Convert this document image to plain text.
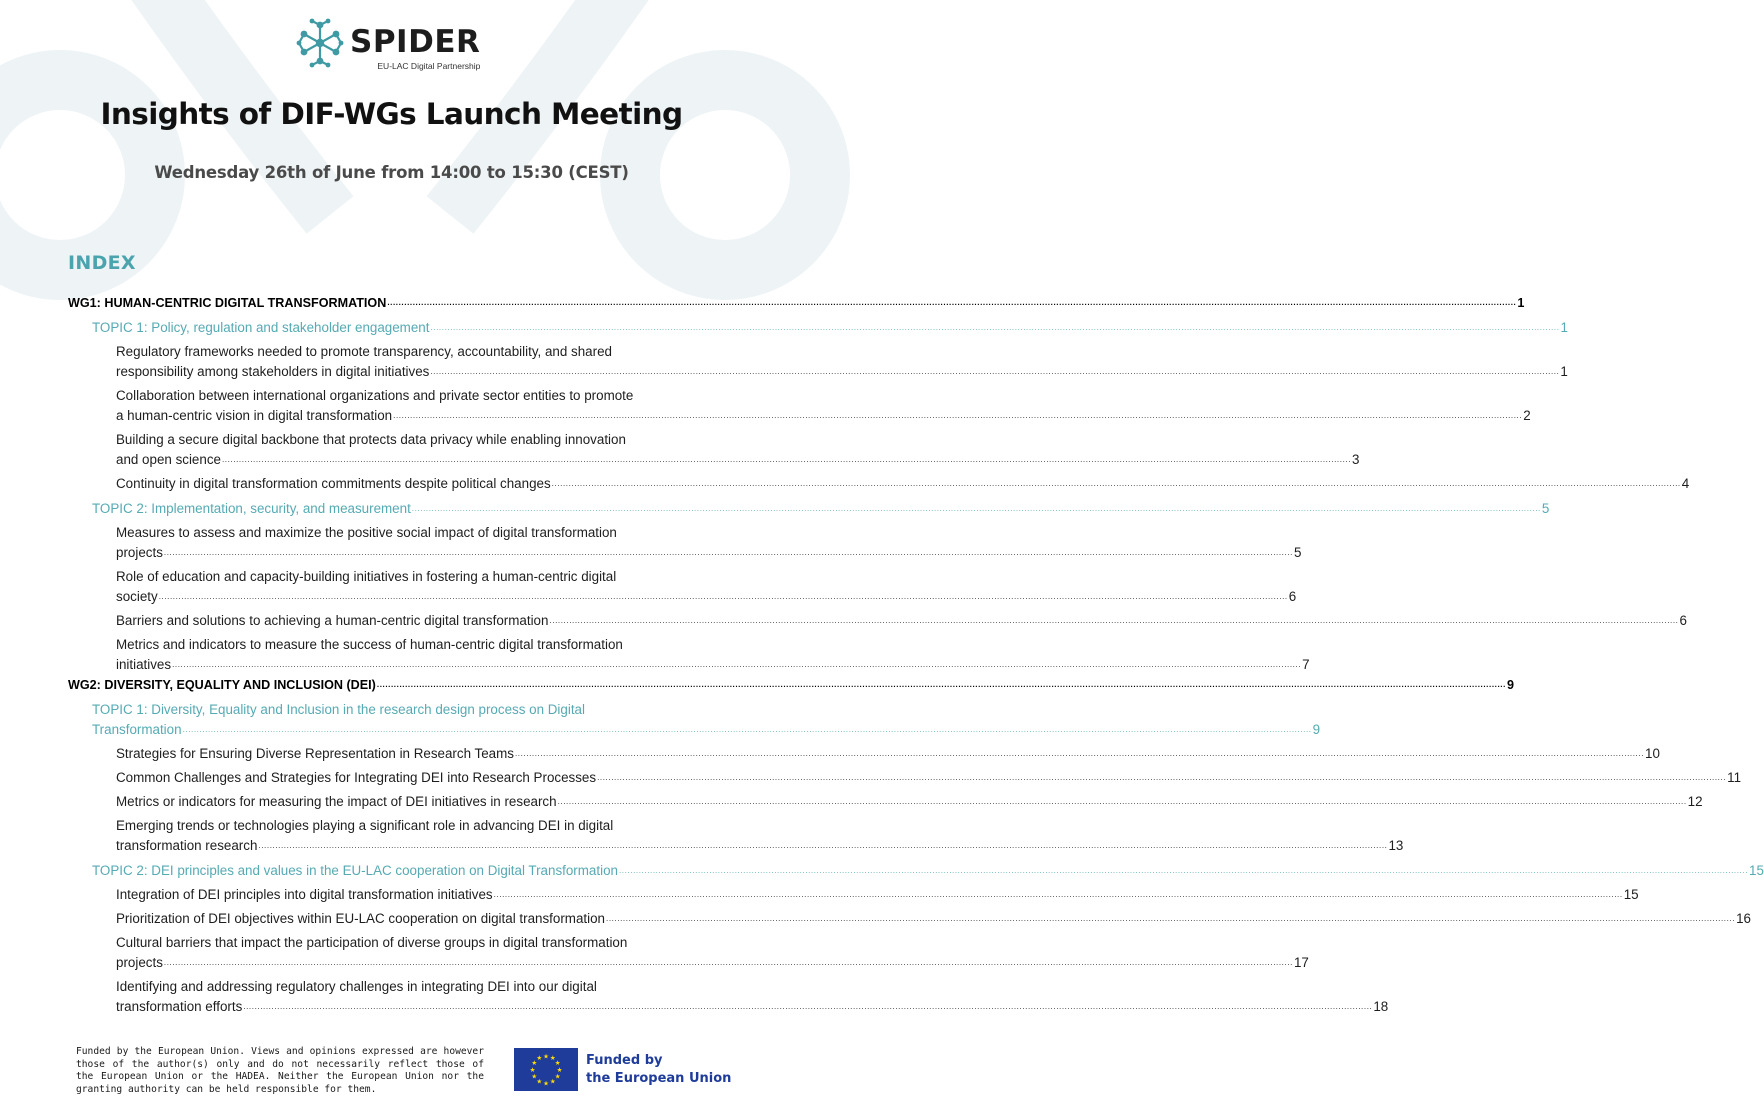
SPIDER
EU-LAC Digital Partnership
Insights of DIF-WGs Launch Meeting
Wednesday 26th of June from 14:00 to 15:30 (CEST)
INDEX
WG1: HUMAN-CENTRIC DIGITAL TRANSFORMATION ................................................................................................................................................................................................................................................................................................................................................................................................................ 1
TOPIC 1: Policy, regulation and stakeholder engagement ................................................................................................................................................................................................................................................................................................................................................................................................................ 1
Regulatory frameworks needed to promote transparency, accountability, and shared
responsibility among stakeholders in digital initiatives ................................................................................................................................................................................................................................................................................................................................................................................................................ 1
Collaboration between international organizations and private sector entities to promote
a human-centric vision in digital transformation ................................................................................................................................................................................................................................................................................................................................................................................................................ 2
Building a secure digital backbone that protects data privacy while enabling innovation
and open science ................................................................................................................................................................................................................................................................................................................................................................................................................ 3
Continuity in digital transformation commitments despite political changes ................................................................................................................................................................................................................................................................................................................................................................................................................ 4
TOPIC 2: Implementation, security, and measurement ................................................................................................................................................................................................................................................................................................................................................................................................................ 5
Measures to assess and maximize the positive social impact of digital transformation
projects ................................................................................................................................................................................................................................................................................................................................................................................................................ 5
Role of education and capacity-building initiatives in fostering a human-centric digital
society ................................................................................................................................................................................................................................................................................................................................................................................................................ 6
Barriers and solutions to achieving a human-centric digital transformation ................................................................................................................................................................................................................................................................................................................................................................................................................ 6
Metrics and indicators to measure the success of human-centric digital transformation
initiatives ................................................................................................................................................................................................................................................................................................................................................................................................................ 7
WG2: DIVERSITY, EQUALITY AND INCLUSION (DEI) ................................................................................................................................................................................................................................................................................................................................................................................................................ 9
TOPIC 1: Diversity, Equality and Inclusion in the research design process on Digital
Transformation ................................................................................................................................................................................................................................................................................................................................................................................................................ 9
Strategies for Ensuring Diverse Representation in Research Teams ................................................................................................................................................................................................................................................................................................................................................................................................................ 10
Common Challenges and Strategies for Integrating DEI into Research Processes ................................................................................................................................................................................................................................................................................................................................................................................................................ 11
Metrics or indicators for measuring the impact of DEI initiatives in research ................................................................................................................................................................................................................................................................................................................................................................................................................ 12
Emerging trends or technologies playing a significant role in advancing DEI in digital
transformation research ................................................................................................................................................................................................................................................................................................................................................................................................................ 13
TOPIC 2: DEI principles and values in the EU-LAC cooperation on Digital Transformation ................................................................................................................................................................................................................................................................................................................................................................................................................ 15
Integration of DEI principles into digital transformation initiatives ................................................................................................................................................................................................................................................................................................................................................................................................................ 15
Prioritization of DEI objectives within EU-LAC cooperation on digital transformation ................................................................................................................................................................................................................................................................................................................................................................................................................ 16
Cultural barriers that impact the participation of diverse groups in digital transformation
projects ................................................................................................................................................................................................................................................................................................................................................................................................................ 17
Identifying and addressing regulatory challenges in integrating DEI into our digital
transformation efforts ................................................................................................................................................................................................................................................................................................................................................................................................................ 18
Funded by the European Union. Views and opinions expressed are however those of the author(s) only and do not necessarily reflect those of the European Union or the HADEA. Neither the European Union nor the granting authority can be held responsible for them.
★ ★
★
★
★
★
★
★
★
★
★
★	Funded by
the European Union
